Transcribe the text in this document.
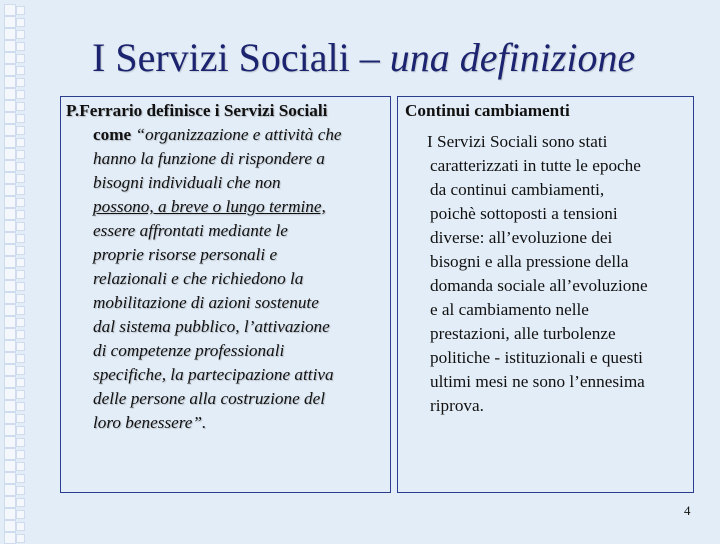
I Servizi Sociali – una definizione
P.Ferrario definisce i Servizi Sociali
come “organizzazione e attività che
hanno la funzione di rispondere a
bisogni individuali che non
possono, a breve o lungo termine,
essere affrontati mediante le
proprie risorse personali e
relazionali e che richiedono la
mobilitazione di azioni sostenute
dal sistema pubblico, l’attivazione
di competenze professionali
specifiche, la partecipazione attiva
delle persone alla costruzione del
loro benessere”.
Continui cambiamenti
I Servizi Sociali sono stati
caratterizzati in tutte le epoche
da continui cambiamenti,
poichè sottoposti a tensioni
diverse: all’evoluzione dei
bisogni e alla pressione della
domanda sociale all’evoluzione
e al cambiamento nelle
prestazioni, alle turbolenze
politiche - istituzionali e questi
ultimi mesi ne sono l’ennesima
riprova.
4
